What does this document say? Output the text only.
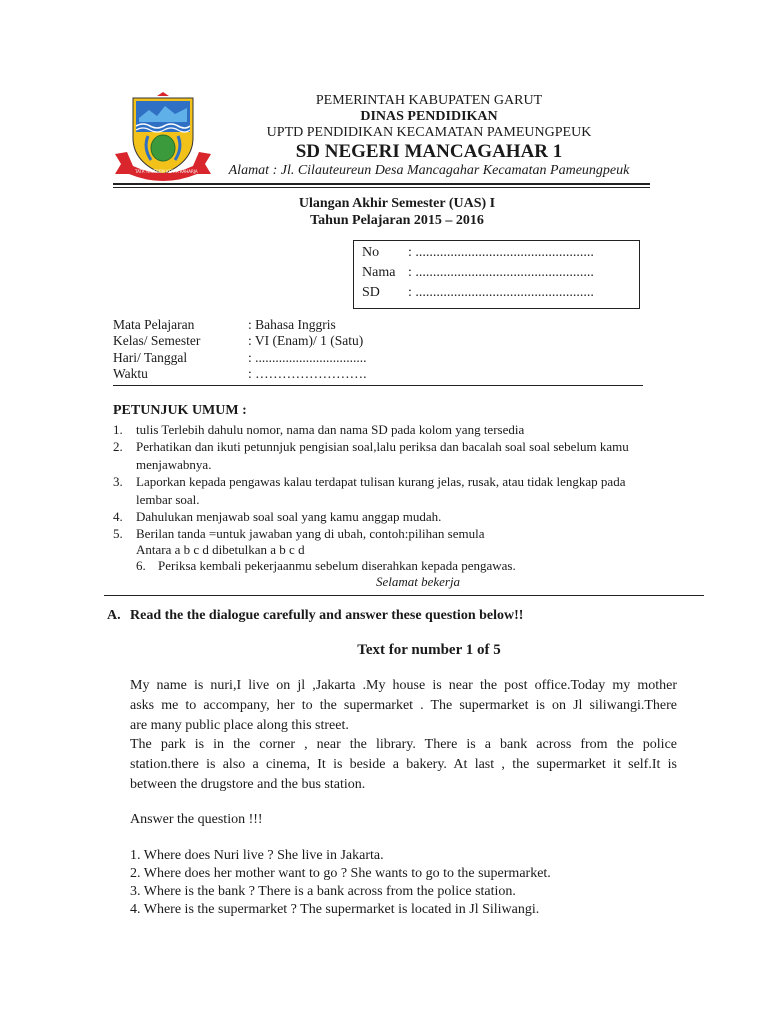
TATA TENTREM KERTA RAHARJA
PEMERINTAH KABUPATEN GARUT
DINAS PENDIDIKAN
UPTD PENDIDIKAN KECAMATAN PAMEUNGPEUK
SD NEGERI MANCAGAHAR 1
Alamat : Jl. Cilauteureun Desa Mancagahar Kecamatan Pameungpeuk
Ulangan Akhir Semester (UAS) I
Tahun Pelajaran 2015 – 2016
No : ...................................................
Nama : ...................................................
SD : ...................................................
Mata Pelajaran	: Bahasa Inggris
Kelas/ Semester	: VI (Enam)/ 1 (Satu)
Hari/ Tanggal	: .................................
Waktu	: …………………….
PETUNJUK UMUM :
1. tulis Terlebih dahulu nomor, nama dan nama SD pada kolom yang tersedia
2. Perhatikan dan ikuti petunnjuk pengisian soal,lalu periksa dan bacalah soal soal sebelum kamu
menjawabnya.
3. Laporkan kepada pengawas kalau terdapat tulisan kurang jelas, rusak, atau tidak lengkap pada
lembar soal.
4. Dahulukan menjawab soal soal yang kamu anggap mudah.
5. Berilan tanda =untuk jawaban yang di ubah, contoh:pilihan semula
Antara a b c d dibetulkan a b c d
6. Periksa kembali pekerjaanmu sebelum diserahkan kepada pengawas.
Selamat bekerja
A. Read the the dialogue carefully and answer these question below!!
Text for number 1 of 5
My name is nuri,I live on jl ,Jakarta .My house is near the post office.Today my mother
asks me to accompany, her to the supermarket . The supermarket is on Jl siliwangi.There
are many public place along this street.
The park is in the corner , near the library. There is a bank across from the police
station.there is also a cinema, It is beside a bakery. At last , the supermarket it self.It is
between the drugstore and the bus station.
Answer the question !!!
1. Where does Nuri live ? She live in Jakarta.
2. Where does her mother want to go ? She wants to go to the supermarket.
3. Where is the bank ? There is a bank across from the police station.
4. Where is the supermarket ? The supermarket is located in Jl Siliwangi.
